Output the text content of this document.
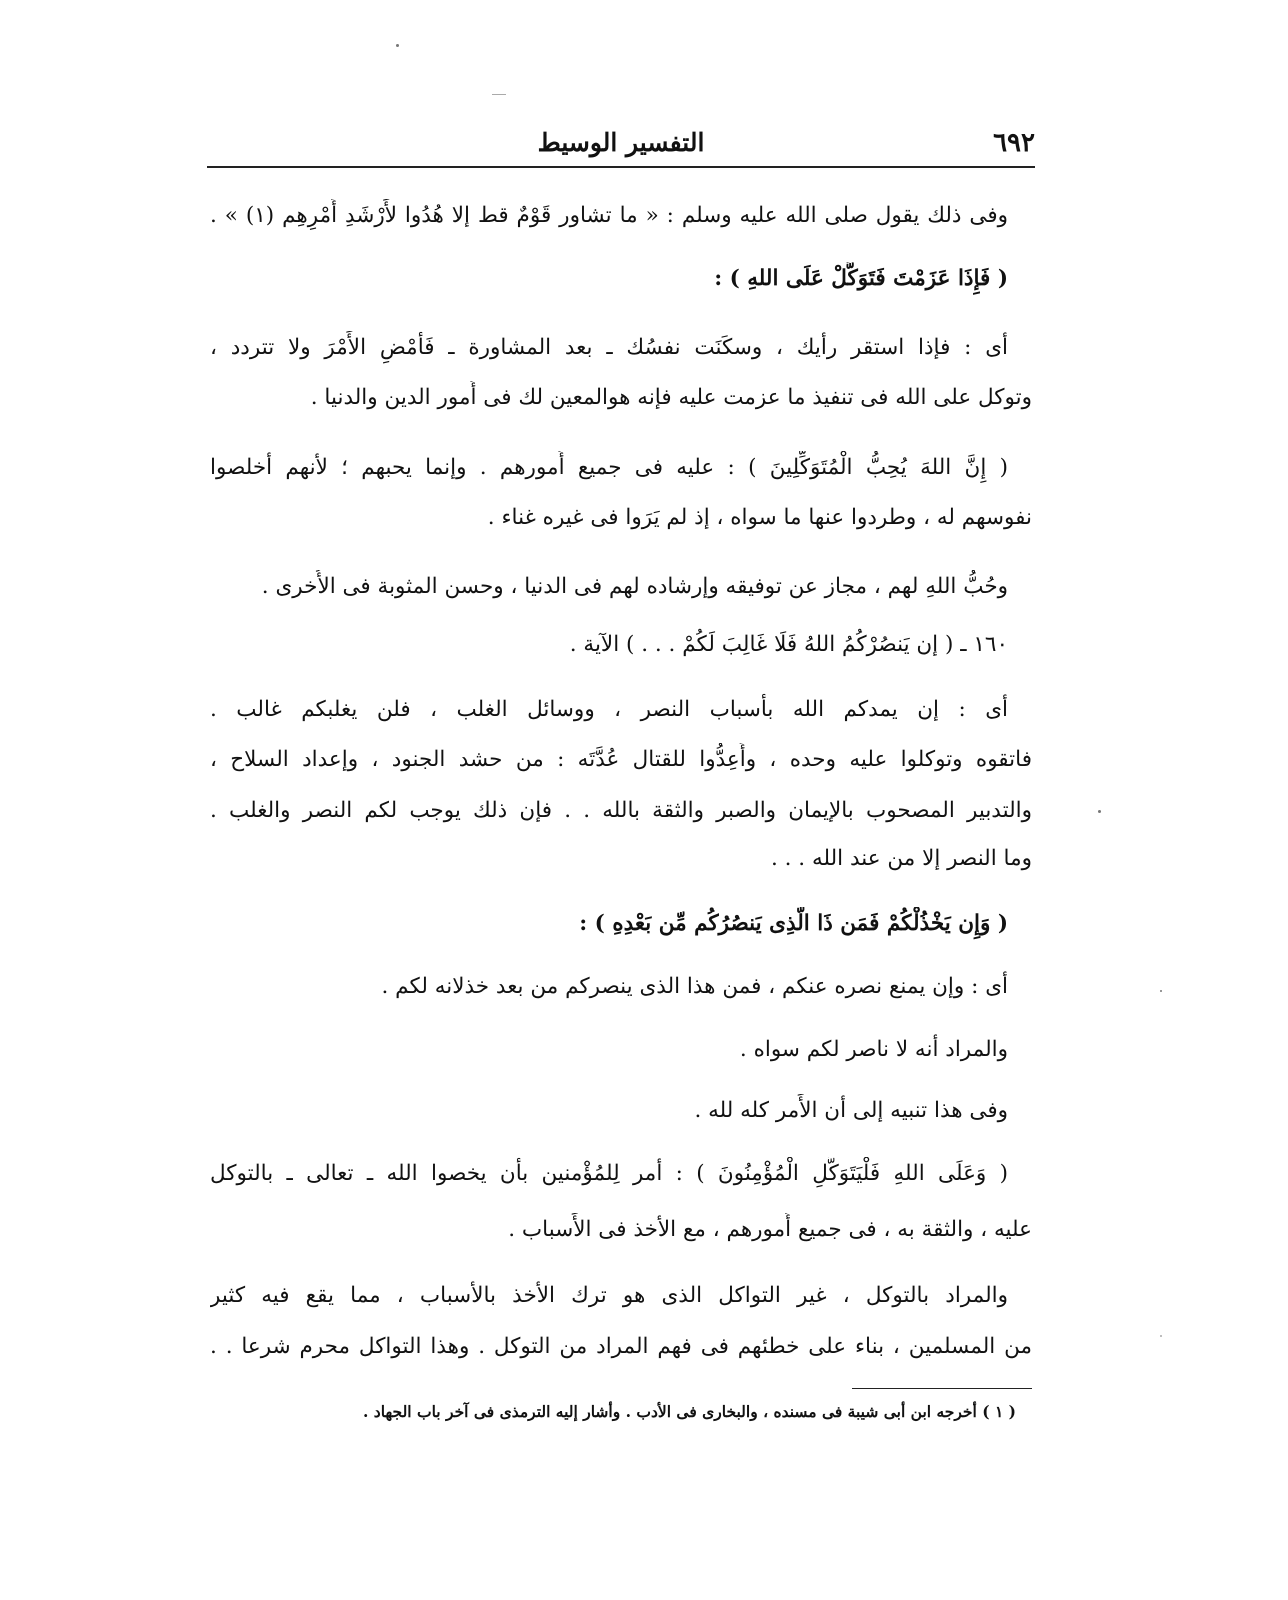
٦٩٢
التفسير الوسيط
وفى ذلك يقول صلى الله عليه وسلم : « ما تشاور قَوْمٌ قط إلا هُدُوا لأَرْشَدِ أَمْرِهِم (١) » .
( فَإِذَا عَزَمْتَ فَتَوَكَّلْ عَلَى اللهِ ) :
أى : فإذا استقر رأيك ، وسكَنَت نفسُك ـ بعد المشاورة ـ فَأَمْضِ الأَمْرَ ولا تتردد ،
وتوكل على الله فى تنفيذ ما عزمت عليه فإنه هوالمعين لك فى أُمور الدين والدنيا .
( إِنَّ اللهَ يُحِبُّ الْمُتَوَكِّلِينَ ) : عليه فى جميع أُمورهم . وإنما يحبهم ؛ لأنهم أخلصوا
نفوسهم له ، وطردوا عنها ما سواه ، إذ لم يَرَوا فى غيره غناء .
وحُبُّ اللهِ لهم ، مجاز عن توفيقه وإرشاده لهم فى الدنيا ، وحسن المثوبة فى الأُخرى .
١٦٠ ـ ( إن يَنصُرْكُمُ اللهُ فَلَا غَالِبَ لَكُمْ . . . ) الآية .
أى : إن يمدكم الله بأسباب النصر ، ووسائل الغلب ، فلن يغلبكم غالب .
فاتقوه وتوكلوا عليه وحده ، وأَعِدُّوا للقتال عُدَّتَه : من حشد الجنود ، وإعداد السلاح ،
والتدبير المصحوب بالإيمان والصبر والثقة بالله . . فإن ذلك يوجب لكم النصر والغلب .
وما النصر إلا من عند الله . . .
( وَإِن يَخْذُلْكُمْ فَمَن ذَا الَّذِى يَنصُرُكُم مِّن بَعْدِهِ ) :
أى : وإن يمنع نصره عنكم ، فمن هذا الذى ينصركم من بعد خذلانه لكم .
والمراد أنه لا ناصر لكم سواه .
وفى هذا تنبيه إلى أن الأَمر كله لله .
( وَعَلَى اللهِ فَلْيَتَوَكَّلِ الْمُؤْمِنُونَ ) : أمر لِلمُؤْمنين بأن يخصوا الله ـ تعالى ـ بالتوكل
عليه ، والثقة به ، فى جميع أُمورهم ، مع الأخذ فى الأَسباب .
والمراد بالتوكل ، غير التواكل الذى هو ترك الأخذ بالأسباب ، مما يقع فيه كثير
من المسلمين ، بناء على خطئهم فى فهم المراد من التوكل . وهذا التواكل محرم شرعا . .
( ١ ) أخرجه ابن أبى شيبة فى مسنده ، والبخارى فى الأدب . وأشار إليه الترمذى فى آخر باب الجهاد .
